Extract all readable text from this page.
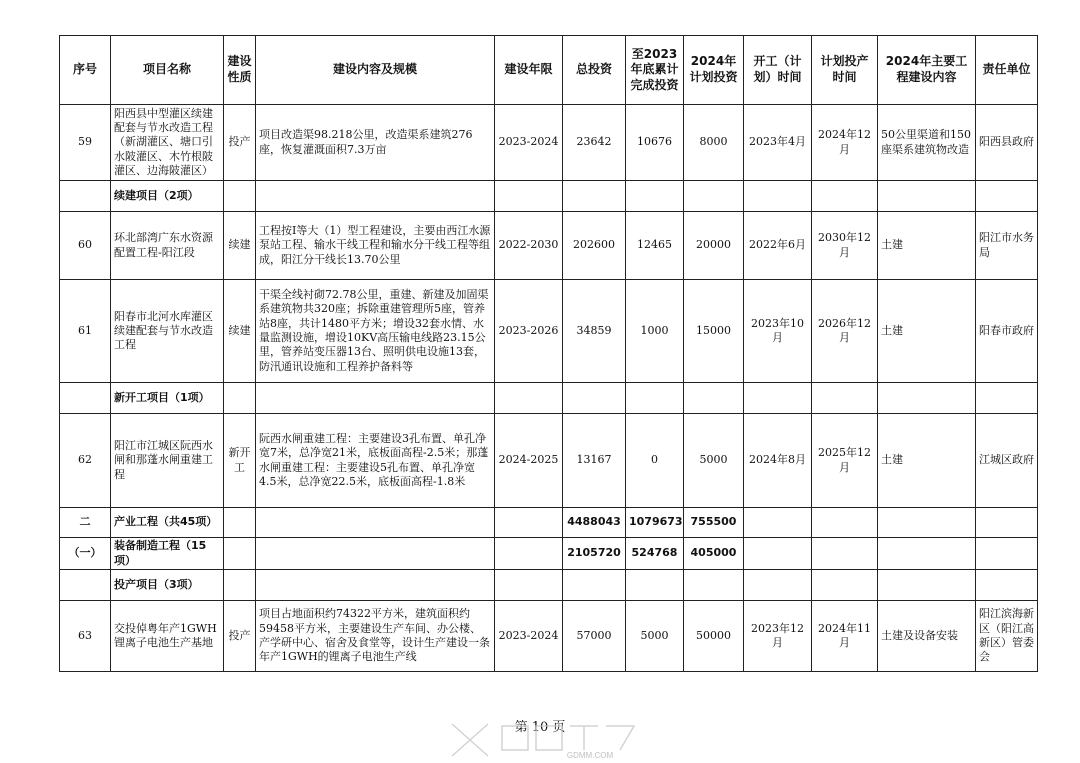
序号	项目名称	建设性质	建设内容及规模	建设年限	总投资	至2023年底累计完成投资	2024年计划投资	开工（计划）时间	计划投产时间	2024年主要工程建设内容	责任单位
59	阳西县中型灌区续建配套与节水改造工程（新湖灌区、塘口引水陂灌区、木竹根陂灌区、边海陂灌区）	投产	项目改造渠98.218公里，改造渠系建筑276座，恢复灌溉面积7.3万亩	2023-2024	23642	10676	8000	2023年4月	2024年12月	50公里渠道和150座渠系建筑物改造	阳西县政府
	续建项目（2项）										
60	环北部湾广东水资源配置工程-阳江段	续建	工程按Ⅰ等大（1）型工程建设，主要由西江水源泵站工程、输水干线工程和输水分干线工程等组成，阳江分干线长13.70公里	2022-2030	202600	12465	20000	2022年6月	2030年12月	土建	阳江市水务局
61	阳春市北河水库灌区续建配套与节水改造工程	续建	干渠全线衬砌72.78公里，重建、新建及加固渠系建筑物共320座；拆除重建管理所5座，管养站8座，共计1480平方米；增设32套水情、水量监测设施，增设10KV高压输电线路23.15公里，管养站变压器13台、照明供电设施13套，防汛通讯设施和工程养护备料等	2023-2026	34859	1000	15000	2023年10月	2026年12月	土建	阳春市政府
	新开工项目（1项）										
62	阳江市江城区阮西水闸和那蓬水闸重建工程	新开工	阮西水闸重建工程：主要建设3孔布置、单孔净宽7米，总净宽21米，底板面高程-2.5米；那蓬水闸重建工程：主要建设5孔布置、单孔净宽4.5米，总净宽22.5米，底板面高程-1.8米	2024-2025	13167	0	5000	2024年8月	2025年12月	土建	江城区政府
二	产业工程（共45项）				4488043	1079673	755500				
（一）	装备制造工程（15项）				2105720	524768	405000				
	投产项目（3项）										
63	交投倬粤年产1GWH锂离子电池生产基地	投产	项目占地面积约74322平方米，建筑面积约59458平方米，主要建设生产车间、办公楼、产学研中心、宿舍及食堂等，设计生产建设一条年产1GWH的锂离子电池生产线	2023-2024	57000	5000	50000	2023年12月	2024年11月	土建及设备安装	阳江滨海新区（阳江高新区）管委会
第 10 页
GDMM.COM
